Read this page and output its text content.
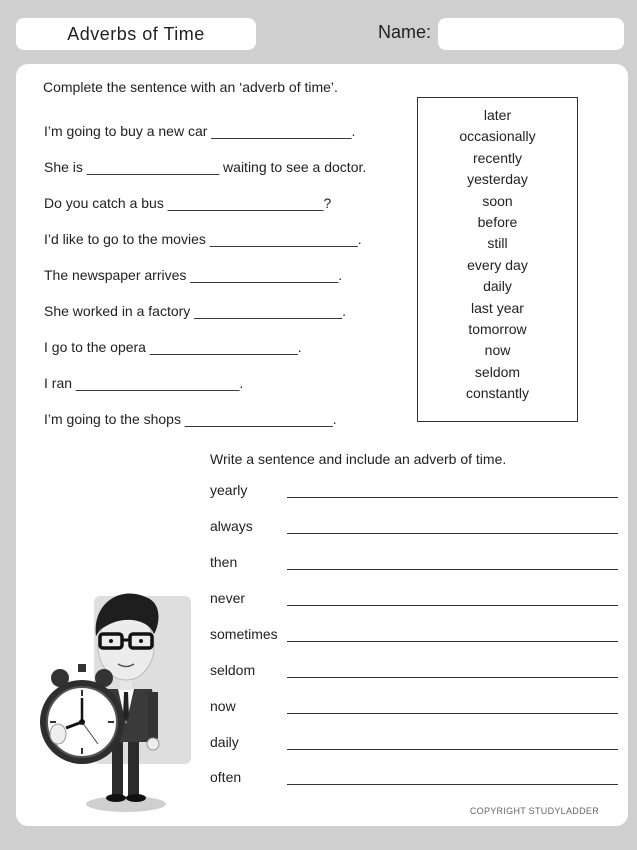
Adverbs of Time	Name:
Complete the sentence with an ‘adverb of time’.
I’m going to buy a new car __________________.
She is _________________ waiting to see a doctor.
Do you catch a bus ____________________?
I’d like to go to the movies ___________________.
The newspaper arrives ___________________.
She worked in a factory ___________________.
I go to the opera ___________________.
I ran _____________________.
I’m going to the shops ___________________.
later
occasionally
recently
yesterday
soon
before
still
every day
daily
last year
tomorrow
now
seldom
constantly
Write a sentence and include an adverb of time.
yearly
always
then
never
sometimes
seldom
now
daily
often
COPYRIGHT STUDYLADDER
